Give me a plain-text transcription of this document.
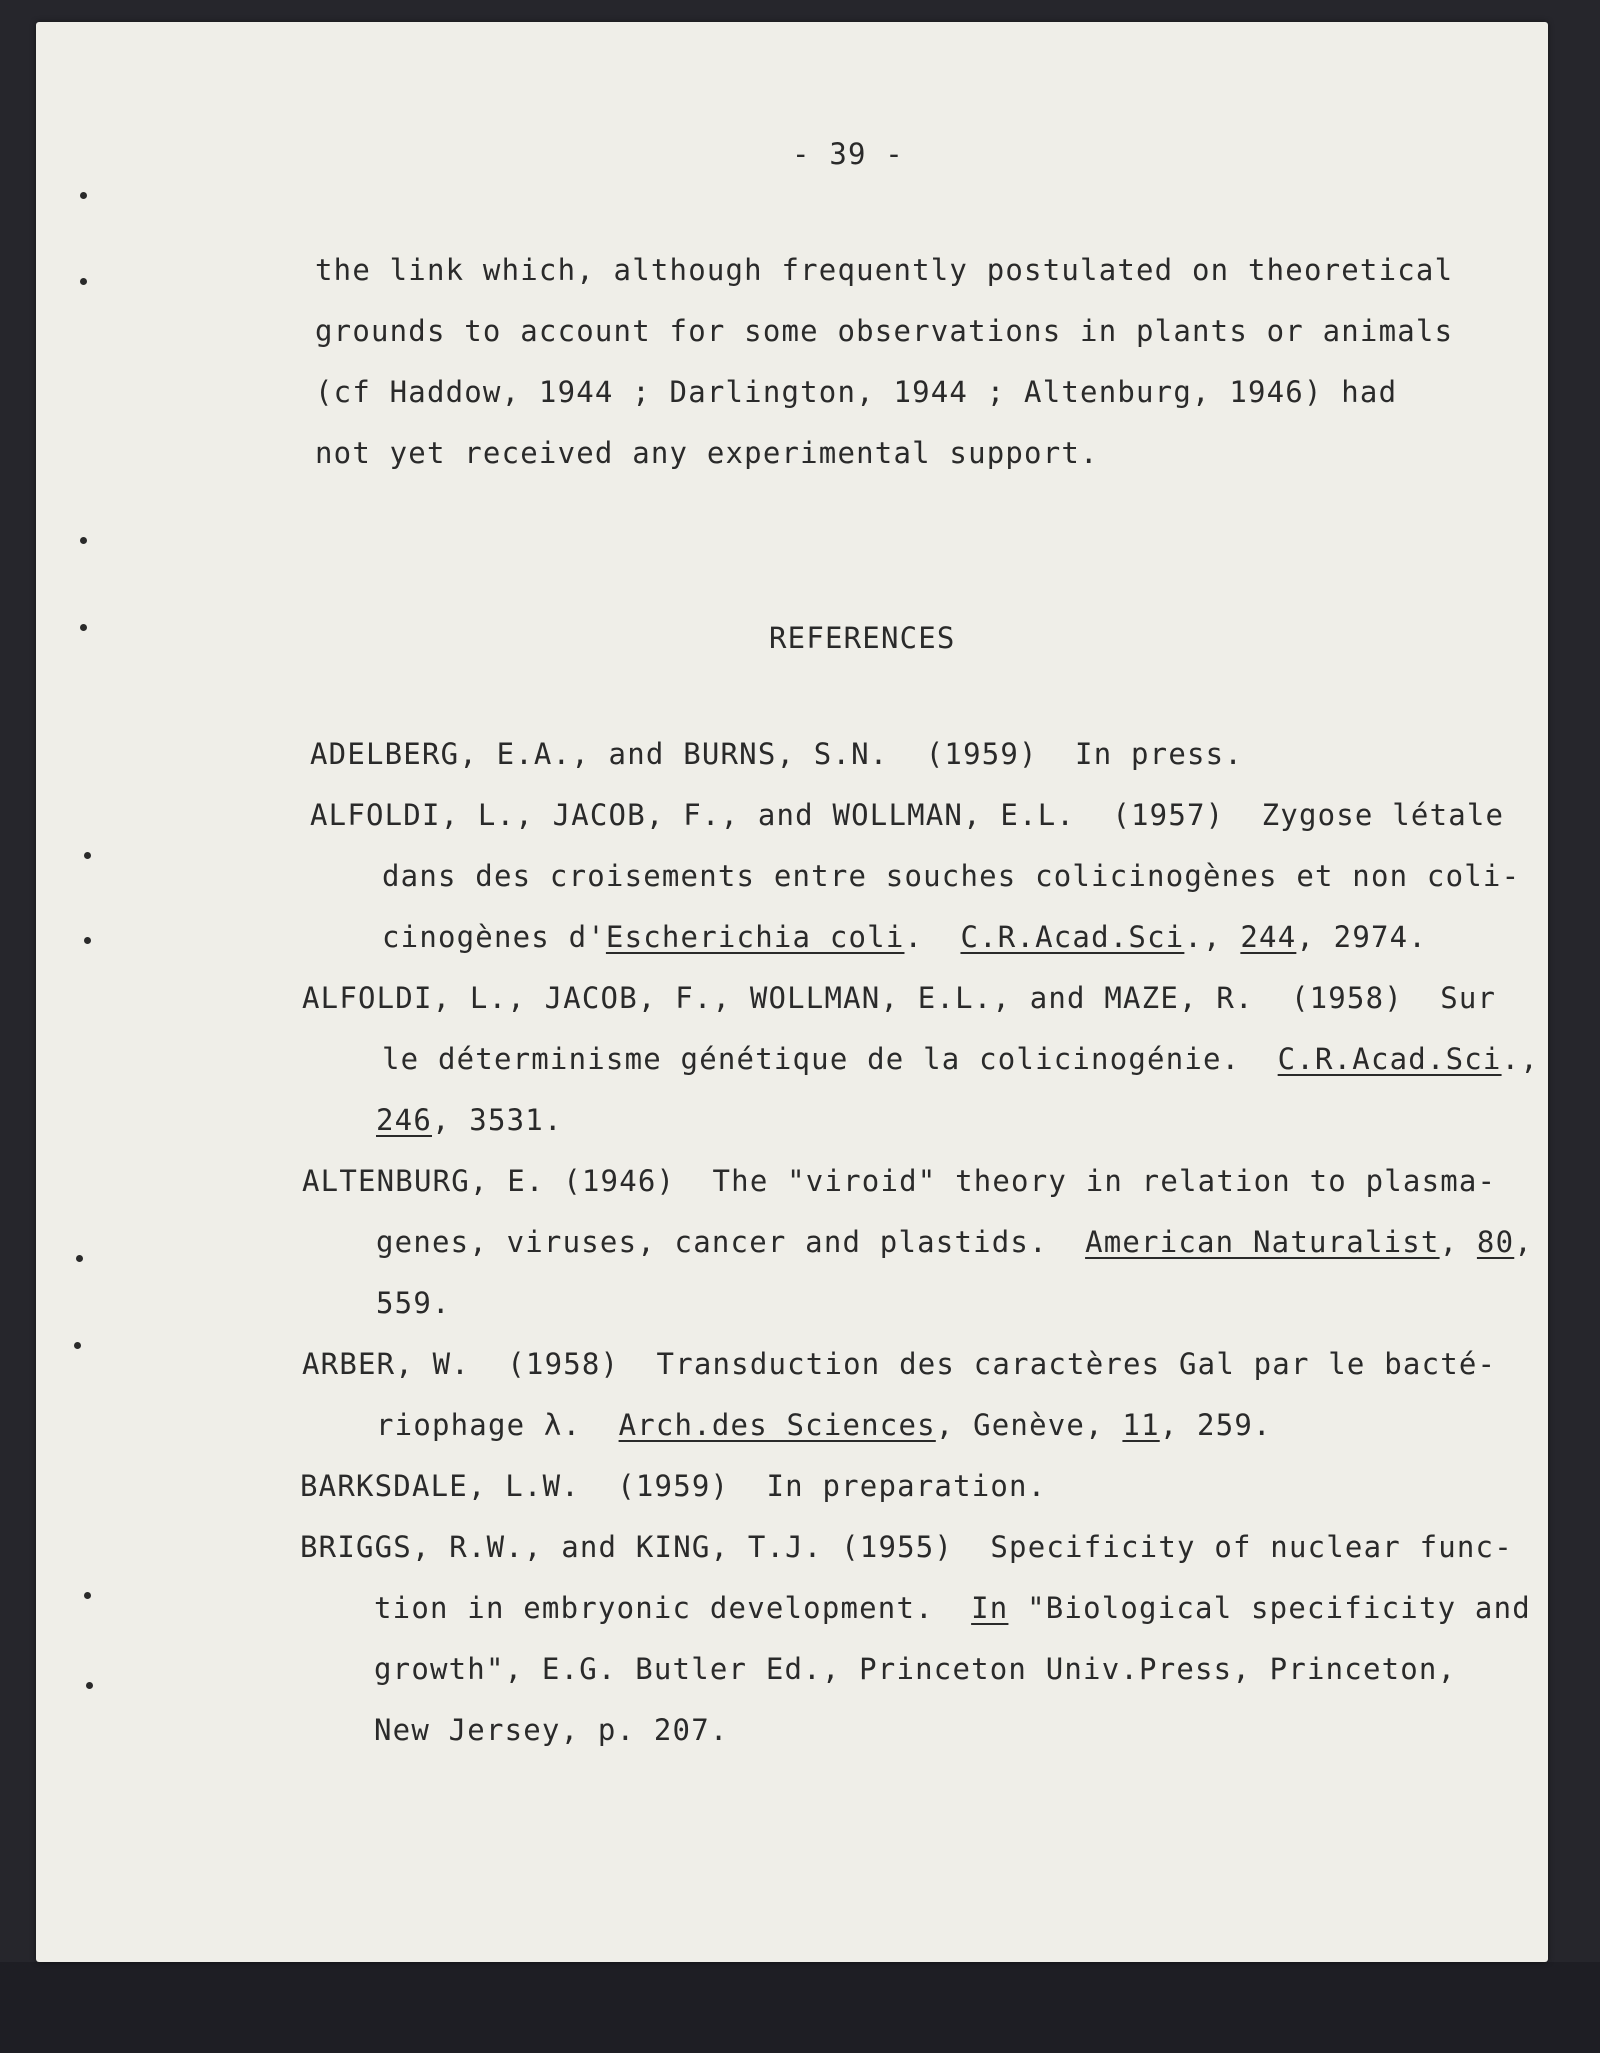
- 39 -
the link which, although frequently postulated on theoretical
grounds to account for some observations in plants or animals
(cf Haddow, 1944 ; Darlington, 1944 ; Altenburg, 1946) had
not yet received any experimental support.
REFERENCES
ADELBERG, E.A., and BURNS, S.N.  (1959)  In press.
ALFOLDI, L., JACOB, F., and WOLLMAN, E.L.  (1957)  Zygose létale
dans des croisements entre souches colicinogènes et non coli-
cinogènes d'Escherichia coli.  C.R.Acad.Sci., 244, 2974.
ALFOLDI, L., JACOB, F., WOLLMAN, E.L., and MAZE, R.  (1958)  Sur
le déterminisme génétique de la colicinogénie.  C.R.Acad.Sci.,
246, 3531.
ALTENBURG, E. (1946)  The "viroid" theory in relation to plasma-
genes, viruses, cancer and plastids.  American Naturalist, 80,
559.
ARBER, W.  (1958)  Transduction des caractères Gal par le bacté-
riophage λ.  Arch.des Sciences, Genève, 11, 259.
BARKSDALE, L.W.  (1959)  In preparation.
BRIGGS, R.W., and KING, T.J. (1955)  Specificity of nuclear func-
tion in embryonic development.  In "Biological specificity and
growth", E.G. Butler Ed., Princeton Univ.Press, Princeton,
New Jersey, p. 207.
